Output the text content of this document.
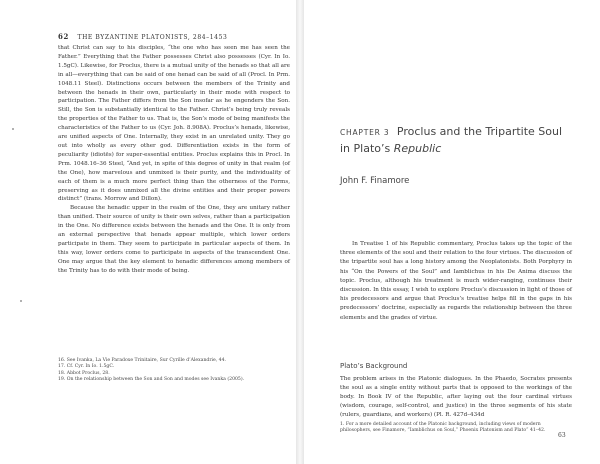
62 THE BYZANTINE PLATONISTS, 284–1453

that Christ can say to his disciples, “the one who has seen me has seen the Father.” Everything that the Father possesses Christ also possesses (Cyr. In Io. 1.5gC). Likewise, for Proclus, there is a mutual unity of the henads so that all are in all—everything that can be said of one henad can be said of all (Procl. In Prm. 1048.11 Steel). Distinctions occurs between the members of the Trinity and between the henads in their own, particularly in their mode with respect to participation. The Father differs from the Son insofar as he engenders the Son. Still, the Son is substantially identical to the Father. Christ’s being truly reveals the properties of the Father to us. That is, the Son’s mode of being manifests the characteristics of the Father to us (Cyr. Joh. 8.908A). Proclus’s henads, likewise, are unified aspects of One. Internally, they exist in an unrelated unity. They go out into wholly as every other god. Differentiation exists in the form of peculiarity (idiotēs) for super-essential entities. Proclus explains this in Procl. In Prm. 1048.16–36 Steel, “And yet, in spite of this degree of unity in that realm (of the One), how marvelous and unmixed is their purity, and the individuality of each of them is a much more perfect thing than the otherness of the Forms, preserving as it does unmixed all the divine entities and their proper powers distinct” (trans. Morrow and Dillon).

Because the henadic upper in the realm of the One, they are unitary rather than unified. Their source of unity is their own selves, rather than a participation in the One. No difference exists between the henads and the One. It is only from an external perspective that henads appear multiple, which lower orders participate in them. They seem to participate in particular aspects of them. In this way, lower orders come to participate in aspects of the transcendent One. One may argue that the key element to henadic differences among members of the Trinity has to do with their mode of being.

16. See Ivanka, La Vie Paradoxe Trinitaire, Sur Cyrille d’Alexandrie, 44.
17. Cf. Cyr. In Io. 1.5gC.
18. Abbot Proclus, 28.
19. On the relationship between the Son and Son and modes see Ivanka (2005).
CHAPTER 3 Proclus and the Tripartite Soul in Plato’s Republic
John F. Finamore

In Treatise 1 of his Republic commentary, Proclus takes up the topic of the three elements of the soul and their relation to the four virtues. The discussion of the tripartite soul has a long history among the Neoplatonists. Both Porphyry in his “On the Powers of the Soul” and Iamblichus in his De Anima discuss the topic. Proclus, although his treatment is much wider-ranging, continues their discussion. In this essay, I wish to explore Proclus’s discussion in light of those of his predecessors and argue that Proclus’s treatise helps fill in the gaps in his predecessors’ doctrine, especially as regards the relationship between the three elements and the grades of virtue.

Plato’s Background

The problem arises in the Platonic dialogues. In the Phaedo, Socrates presents the soul as a single entity without parts that is opposed to the workings of the body. In Book IV of the Republic, after laying out the four cardinal virtues (wisdom, courage, self-control, and justice) in the three segments of his state (rulers, guardians, and workers) (Pl. R. 427d–434d

1. For a more detailed account of the Platonic background, including views of modern philosophers, see Finamore, “Iamblichus on Soul,” Phoenix Platonism and Plato” 41–42.
63
